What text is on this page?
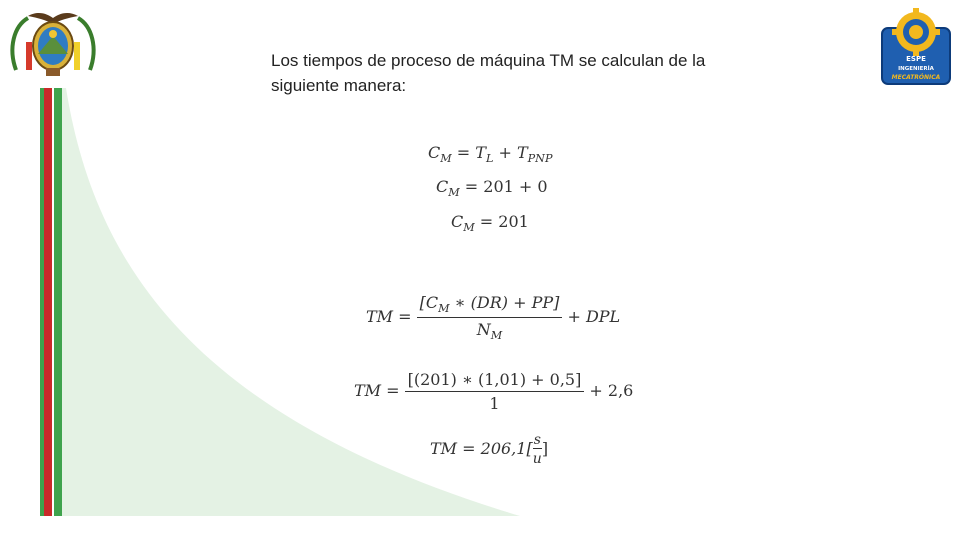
ESPE
INGENIERÍA
MECATRÓNICA
Los tiempos de proceso de máquina TM se calculan de la
siguiente manera:
$C_M = T_L + T_{PNP}$
$C_M = 201 + 0$
$C_M = 201$
TM = $\frac{[C_M ∗ (DR) + PP]}{N_M}$ + DPL
TM = $\frac{[(201) ∗ (1,01) + 0,5]}{1} + 2,6$
TM = $206,1[ \frac{s}{u}$ ]
